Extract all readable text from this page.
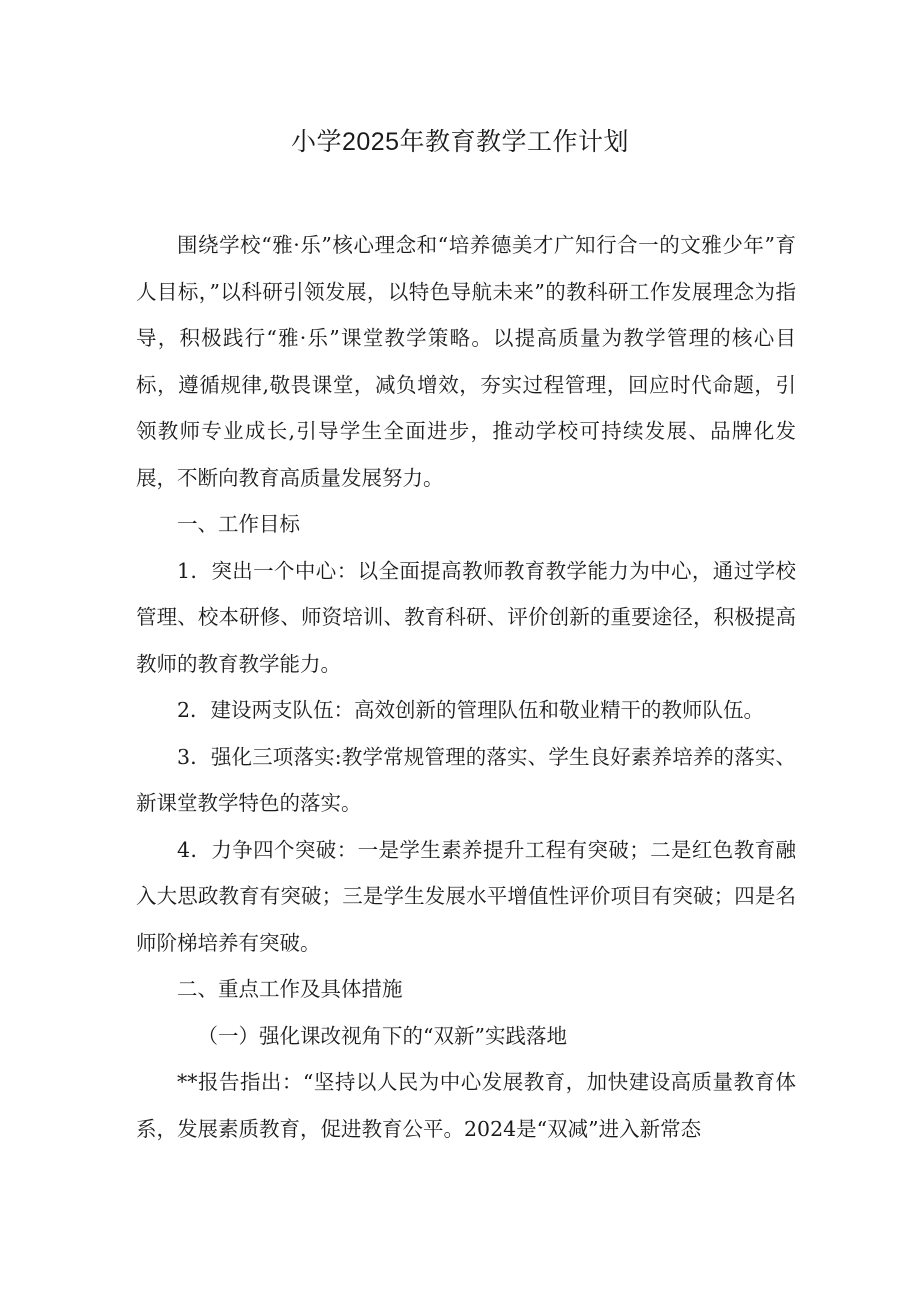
小学2025年教育教学工作计划

围绕学校“雅·乐”核心理念和“培养德美才广知行合一的文雅少年”育人目标，”以科研引领发展，以特色导航未来”的教科研工作发展理念为指导，积极践行“雅·乐”课堂教学策略。以提高质量为教学管理的核心目标，遵循规律,敬畏课堂，减负增效，夯实过程管理，回应时代命题，引领教师专业成长,引导学生全面进步，推动学校可持续发展、品牌化发展，不断向教育高质量发展努力。

一、工作目标

1．突出一个中心：以全面提高教师教育教学能力为中心，通过学校管理、校本研修、师资培训、教育科研、评价创新的重要途径，积极提高教师的教育教学能力。

2．建设两支队伍：高效创新的管理队伍和敬业精干的教师队伍。

3．强化三项落实:教学常规管理的落实、学生良好素养培养的落实、新课堂教学特色的落实。

4．力争四个突破：一是学生素养提升工程有突破；二是红色教育融入大思政教育有突破；三是学生发展水平增值性评价项目有突破；四是名师阶梯培养有突破。

二、重点工作及具体措施

（一）强化课改视角下的“双新”实践落地

**报告指出：“坚持以人民为中心发展教育，加快建设高质量教育体系，发展素质教育，促进教育公平。2024是“双减”进入新常态
